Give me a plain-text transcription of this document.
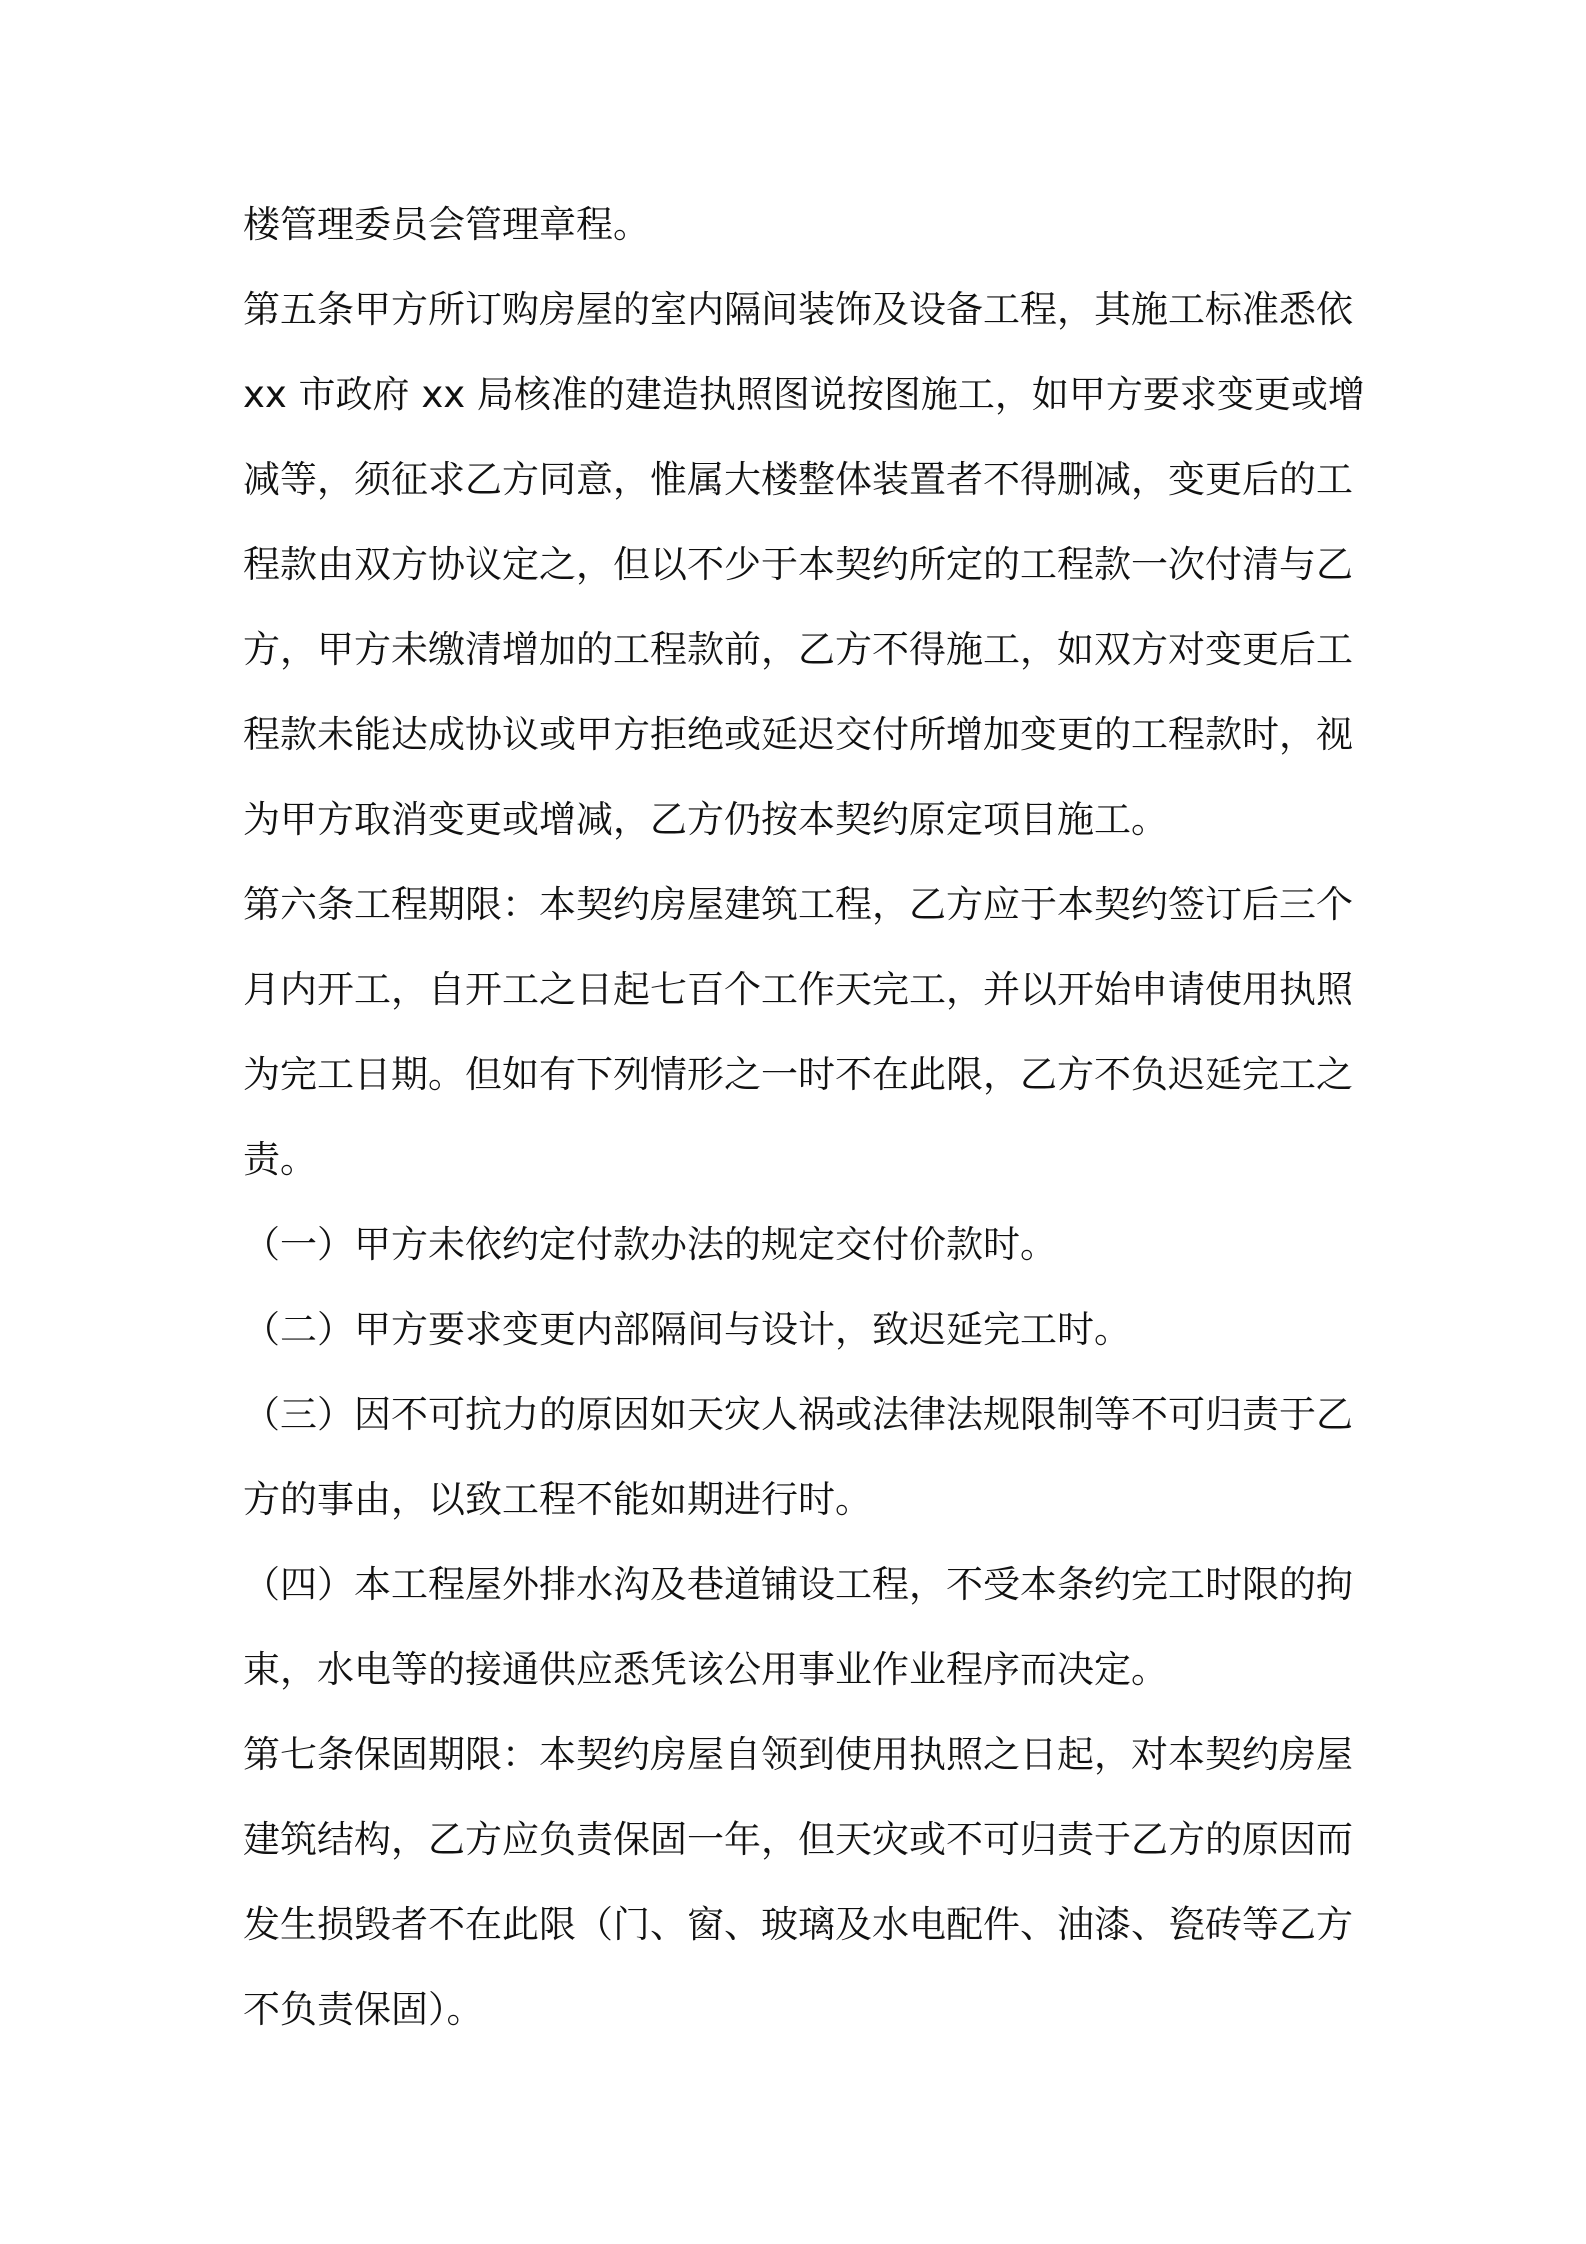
楼管理委员会管理章程。
第五条甲方所订购房屋的室内隔间装饰及设备工程，其施工标准悉依
xx 市政府 xx 局核准的建造执照图说按图施工，如甲方要求变更或增
减等，须征求乙方同意，惟属大楼整体装置者不得删减，变更后的工
程款由双方协议定之，但以不少于本契约所定的工程款一次付清与乙
方，甲方未缴清增加的工程款前，乙方不得施工，如双方对变更后工
程款未能达成协议或甲方拒绝或延迟交付所增加变更的工程款时，视
为甲方取消变更或增减，乙方仍按本契约原定项目施工。
第六条工程期限：本契约房屋建筑工程，乙方应于本契约签订后三个
月内开工，自开工之日起七百个工作天完工，并以开始申请使用执照
为完工日期。但如有下列情形之一时不在此限，乙方不负迟延完工之
责。
（一）甲方未依约定付款办法的规定交付价款时。
（二）甲方要求变更内部隔间与设计，致迟延完工时。
（三）因不可抗力的原因如天灾人祸或法律法规限制等不可归责于乙
方的事由，以致工程不能如期进行时。
（四）本工程屋外排水沟及巷道铺设工程，不受本条约完工时限的拘
束，水电等的接通供应悉凭该公用事业作业程序而决定。
第七条保固期限：本契约房屋自领到使用执照之日起，对本契约房屋
建筑结构，乙方应负责保固一年，但天灾或不可归责于乙方的原因而
发生损毁者不在此限（门、窗、玻璃及水电配件、油漆、瓷砖等乙方
不负责保固）。
